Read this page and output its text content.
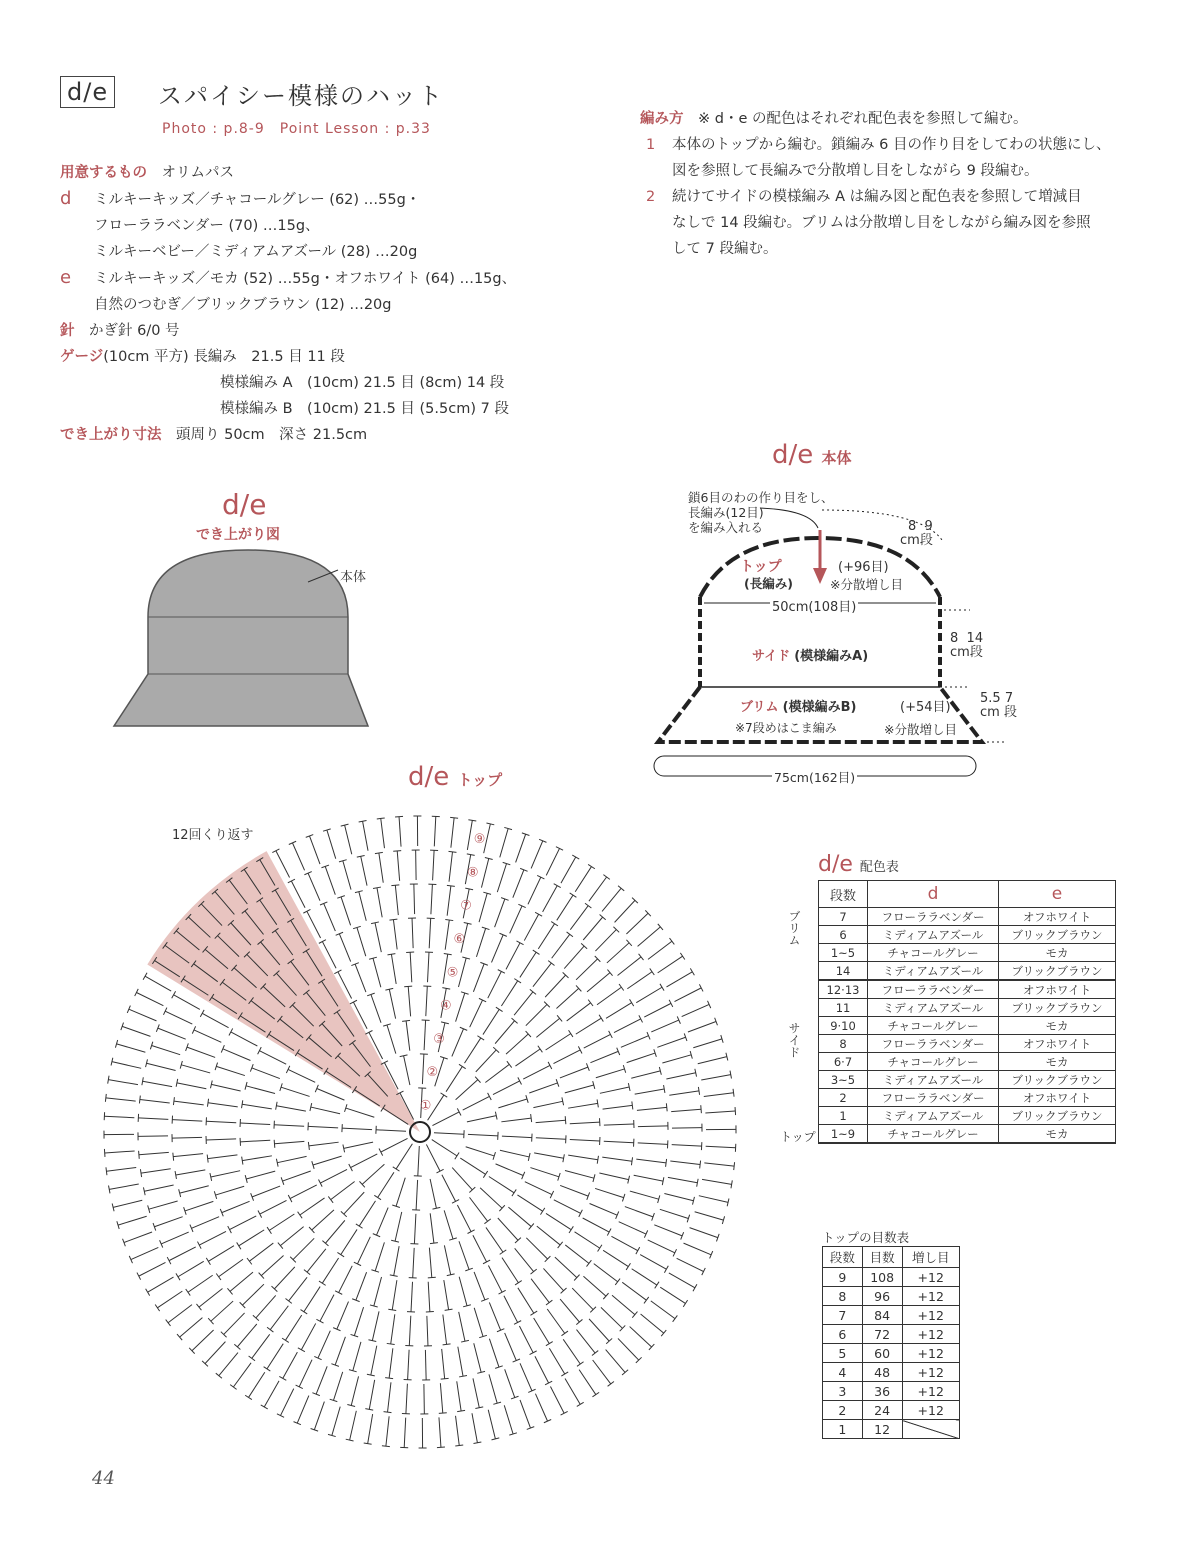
d/e スパイシー模様のハット
Photo : p.8-9　Point Lesson : p.33
用意するもの　 オリムパス
d ミルキーキッズ／チャコールグレー (62) …55g・
フローララベンダー (70) …15g、
ミルキーベビー／ミディアムアズール (28) …20g
e ミルキーキッズ／モカ (52) …55g・オフホワイト (64) …15g、
自然のつむぎ／ブリックブラウン (12) …20g
針　 かぎ針 6/0 号
ゲージ(10cm 平方) 長編み　21.5 目 11 段
模様編み A　(10cm) 21.5 目 (8cm) 14 段
模様編み B　(10cm) 21.5 目 (5.5cm) 7 段
でき上がり寸法　 頭周り 50cm　深さ 21.5cm
編み方　 ※ d・e の配色はそれぞれ配色表を参照して編む。
1 本体のトップから編む。鎖編み 6 目の作り目をしてわの状態にし、
図を参照して長編みで分散増し目をしながら 9 段編む。
2 続けてサイドの模様編み A は編み図と配色表を参照して増減目
なしで 14 段編む。ブリムは分散増し目をしながら編み図を参照
して 7 段編む。
d/e
でき上がり図
本体
d/e 本体
鎖6目のわの作り目をし、
長編み(12目)
を編み入れる
トップ
(長編み)
(+96目)
※分散増し目
50cm(108目)
サイド (模様編みA)
ブリム (模様編みB)	(+54目)
※7段めはこま編み	※分散増し目
75cm(162目)
8 9
cm段
8 14
cm段
5.5 7
cm 段
d/e トップ
12回くり返す
①
②
③
④
⑤
⑥
⑦
⑧
⑨
d/e 配色表
ブリム
サイド
トップ
段数	d	e
7	フローララベンダー	オフホワイト
6	ミディアムアズール	ブリックブラウン
1~5	チャコールグレー	モカ
14	ミディアムアズール	ブリックブラウン
12·13	フローララベンダー	オフホワイト
11	ミディアムアズール	ブリックブラウン
9·10	チャコールグレー	モカ
8	フローララベンダー	オフホワイト
6·7	チャコールグレー	モカ
3~5	ミディアムアズール	ブリックブラウン
2	フローララベンダー	オフホワイト
1	ミディアムアズール	ブリックブラウン
1~9	チャコールグレー	モカ
トップの目数表
段数	目数	増し目
9	108	+12
8	96	+12
7	84	+12
6	72	+12
5	60	+12
4	48	+12
3	36	+12
2	24	+12
1	12	
44
